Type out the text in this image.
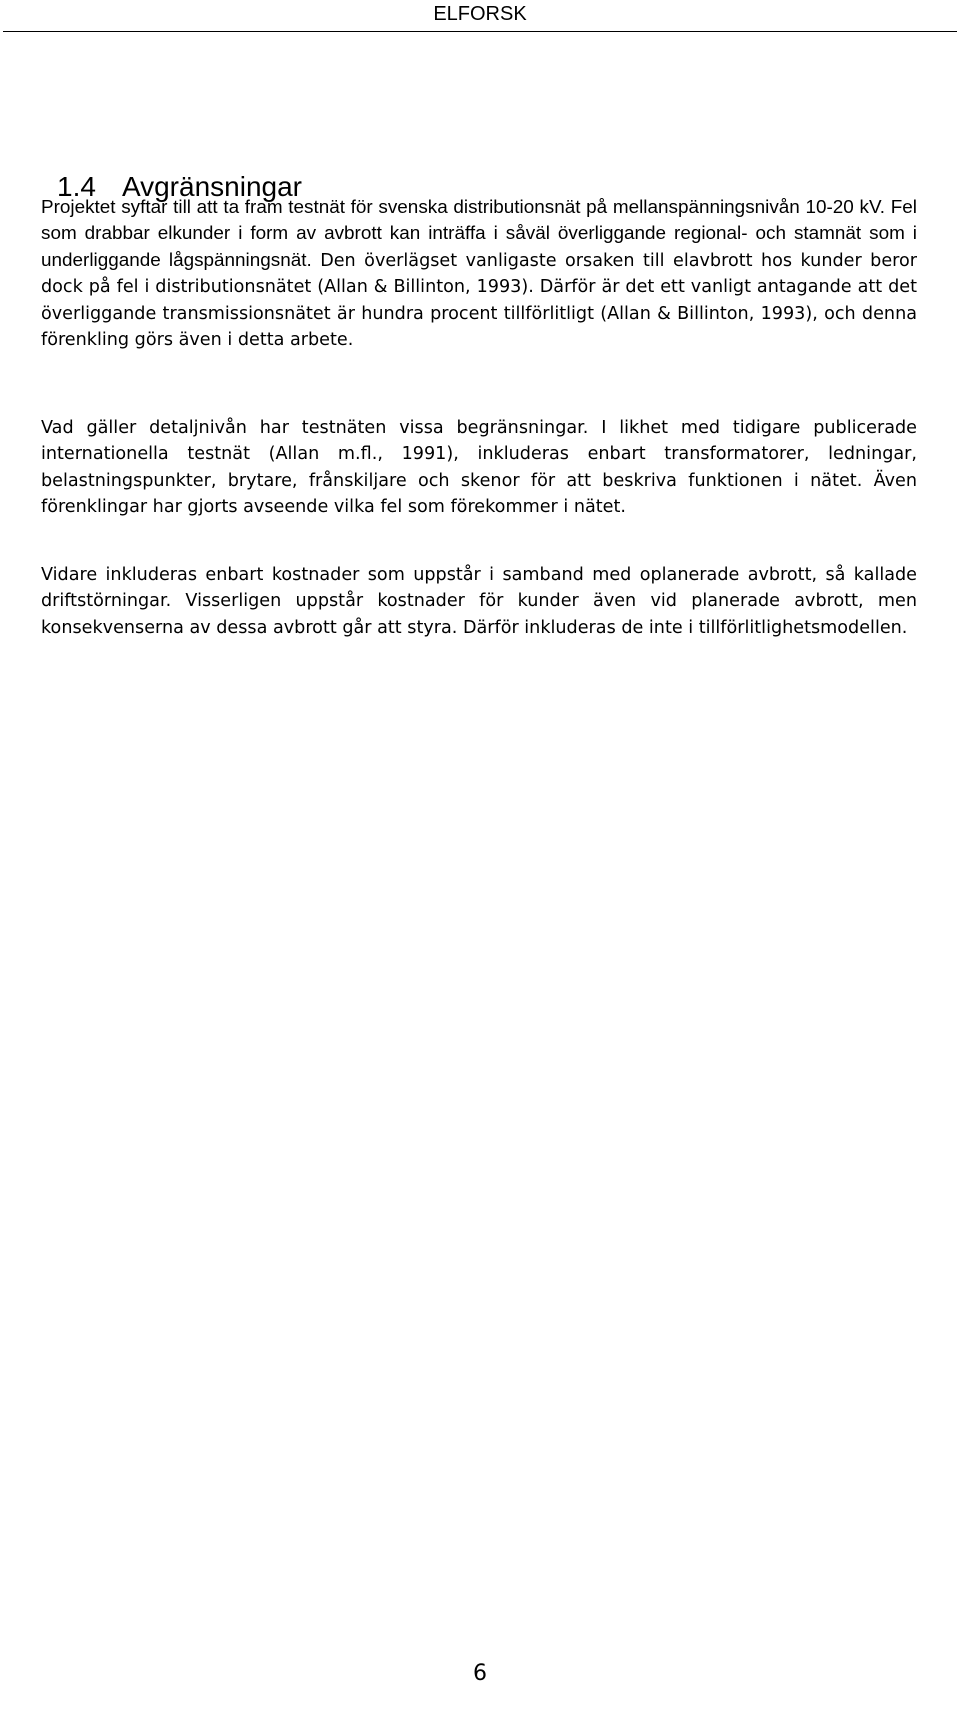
ELFORSK
1.4 Avgränsningar

Projektet syftar till att ta fram testnät för svenska distributionsnät på mellanspänningsnivån 10-20 kV. Fel som drabbar elkunder i form av avbrott kan inträffa i såväl överliggande regional- och stamnät som i underliggande lågspänningsnät. Den överlägset vanligaste orsaken till elavbrott hos kunder beror dock på fel i distributionsnätet (Allan & Billinton, 1993). Därför är det ett vanligt antagande att det överliggande transmissionsnätet är hundra procent tillförlitligt (Allan & Billinton, 1993), och denna förenkling görs även i detta arbete.

Vad gäller detaljnivån har testnäten vissa begränsningar. I likhet med tidigare publicerade internationella testnät (Allan m.fl., 1991), inkluderas enbart transformatorer, ledningar, belastningspunkter, brytare, frånskiljare och skenor för att beskriva funktionen i nätet. Även förenklingar har gjorts avseende vilka fel som förekommer i nätet.

Vidare inkluderas enbart kostnader som uppstår i samband med oplanerade avbrott, så kallade driftstörningar. Visserligen uppstår kostnader för kunder även vid planerade avbrott, men konsekvenserna av dessa avbrott går att styra. Därför inkluderas de inte i tillförlitlighetsmodellen.

6
